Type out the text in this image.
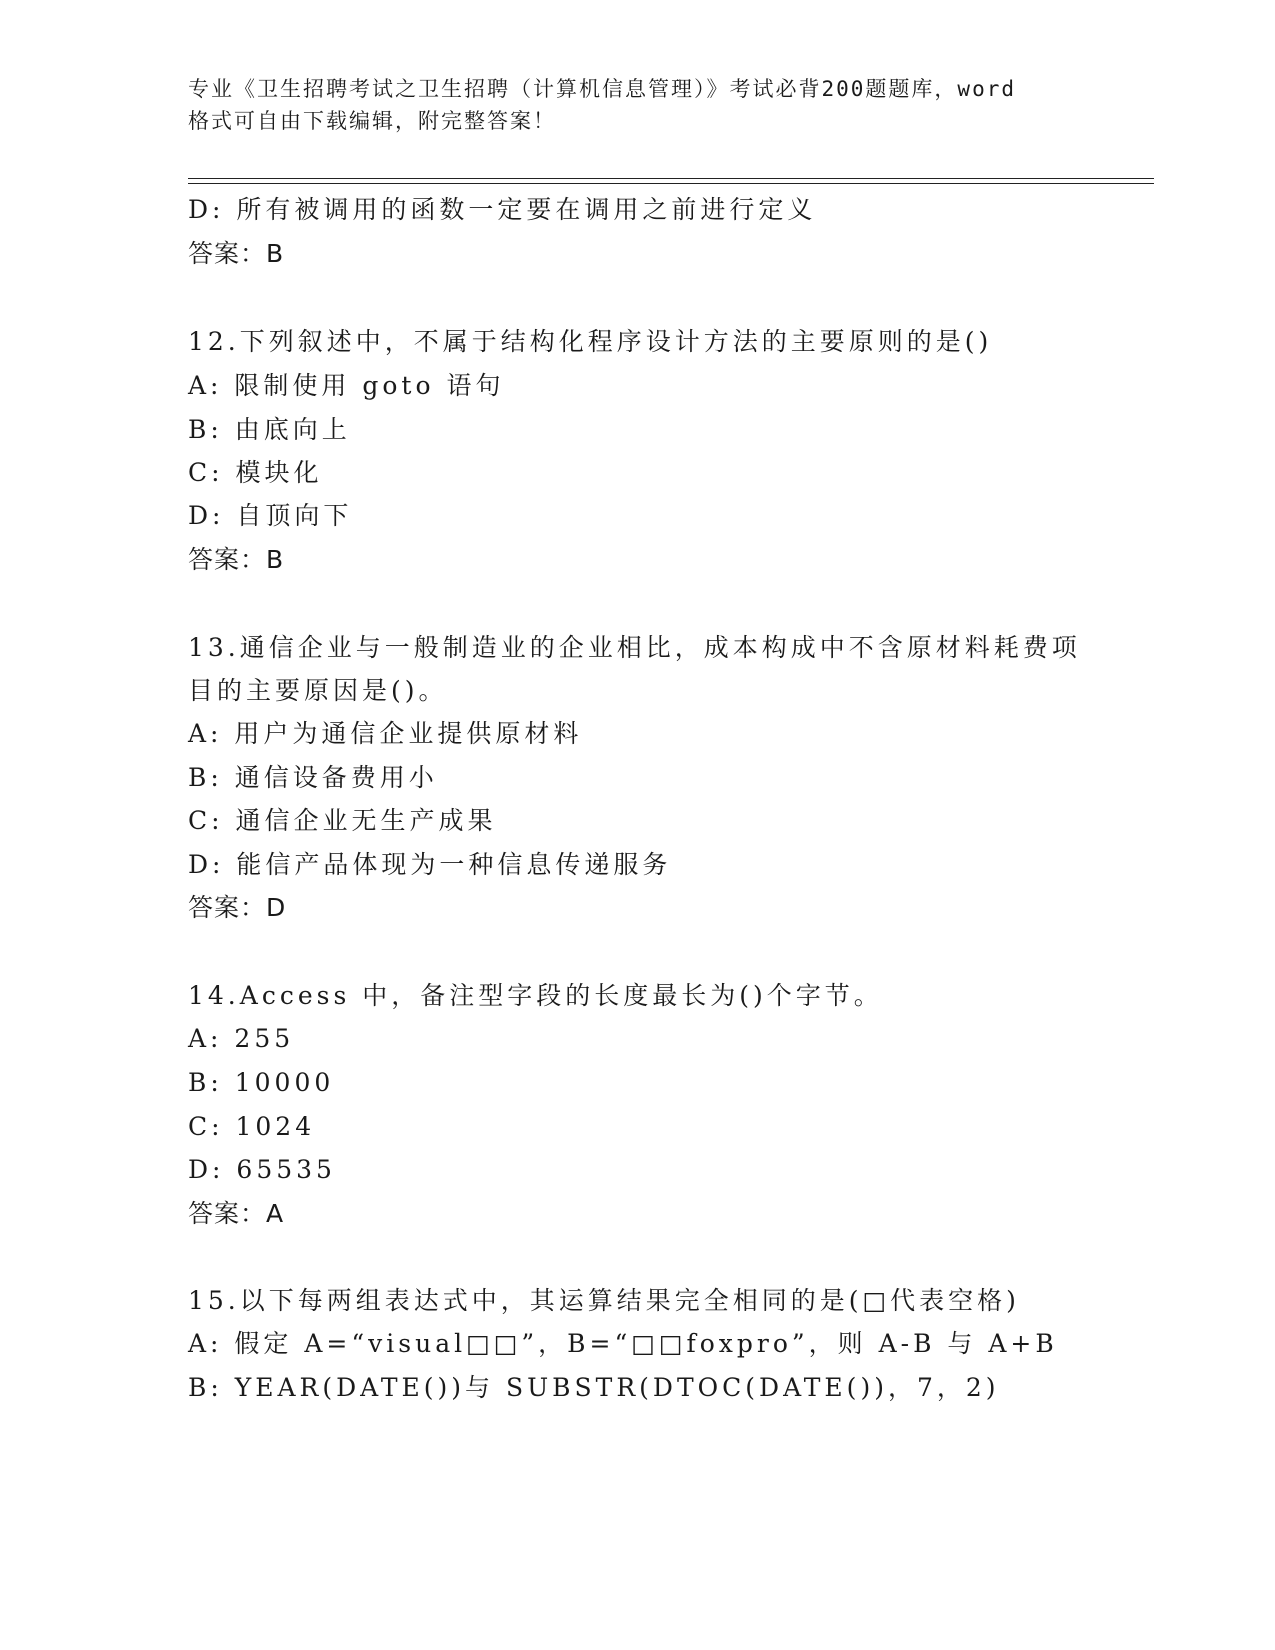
专业《卫生招聘考试之卫生招聘（计算机信息管理）》考试必背200题题库，word
格式可自由下载编辑，附完整答案！
D: 所有被调用的函数一定要在调用之前进行定义
答案：B
12.下列叙述中，不属于结构化程序设计方法的主要原则的是()
A: 限制使用 goto 语句
B: 由底向上
C: 模块化
D: 自顶向下
答案：B
13.通信企业与一般制造业的企业相比，成本构成中不含原材料耗费项
目的主要原因是()。
A: 用户为通信企业提供原材料
B: 通信设备费用小
C: 通信企业无生产成果
D: 能信产品体现为一种信息传递服务
答案：D
14.Access 中，备注型字段的长度最长为()个字节。
A: 255
B: 10000
C: 1024
D: 65535
答案：A
15.以下每两组表达式中，其运算结果完全相同的是(□代表空格)
A: 假定 A=“visual□□”，B=“□□foxpro”，则 A-B 与 A+B
B: YEAR(DATE())与 SUBSTR(DTOC(DATE())，7，2)
